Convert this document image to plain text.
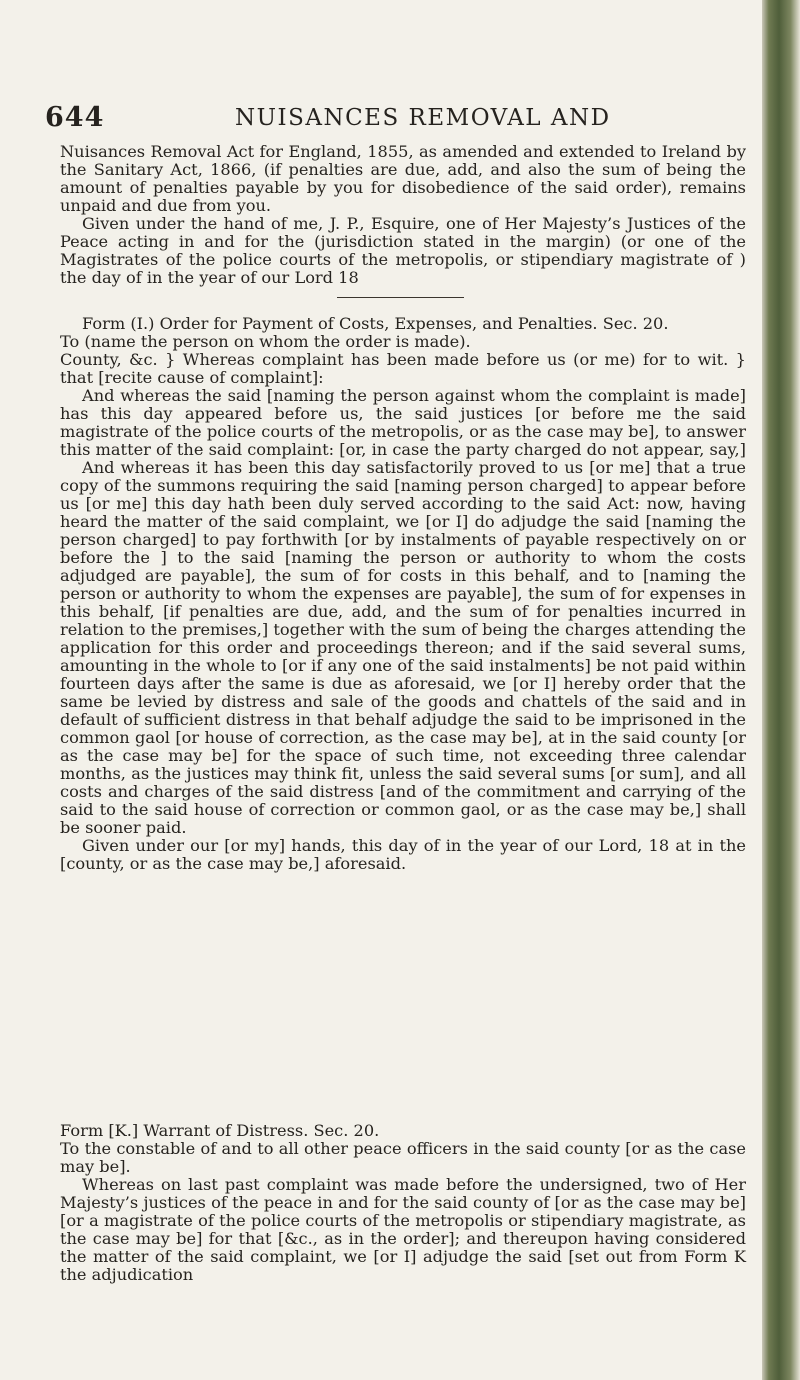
644	NUISANCES REMOVAL AND

Nuisances Removal Act for England, 1855, as amended and extended to Ireland by the Sanitary Act, 1866, (if penalties are due, add, and also the sum of being the amount of penalties payable by you for disobedience of the said order), remains unpaid and due from you.

Given under the hand of me, J. P., Esquire, one of Her Majesty’s Justices of the Peace acting in and for the (jurisdiction stated in the margin) (or one of the Magistrates of the police courts of the metropolis, or stipendiary magistrate of ) the day of in the year of our Lord 18

Form (I.) Order for Payment of Costs, Expenses, and Penalties. Sec. 20.

To (name the person on whom the order is made).

County, &c. } Whereas complaint has been made before us (or me) for to wit. } that [recite cause of complaint]:

And whereas the said [naming the person against whom the complaint is made] has this day appeared before us, the said justices [or before me the said magistrate of the police courts of the metropolis, or as the case may be], to answer this matter of the said complaint: [or, in case the party charged do not appear, say,]

And whereas it has been this day satisfactorily proved to us [or me] that a true copy of the summons requiring the said [naming person charged] to appear before us [or me] this day hath been duly served according to the said Act: now, having heard the matter of the said complaint, we [or I] do adjudge the said [naming the person charged] to pay forthwith [or by instalments of payable respectively on or before the ] to the said [naming the person or authority to whom the costs adjudged are payable], the sum of for costs in this behalf, and to [naming the person or authority to whom the expenses are payable], the sum of for expenses in this behalf, [if penalties are due, add, and the sum of for penalties incurred in relation to the premises,] together with the sum of being the charges attending the application for this order and proceedings thereon; and if the said several sums, amounting in the whole to [or if any one of the said instalments] be not paid within fourteen days after the same is due as aforesaid, we [or I] hereby order that the same be levied by distress and sale of the goods and chattels of the said and in default of sufficient distress in that behalf adjudge the said to be imprisoned in the common gaol [or house of correction, as the case may be], at in the said county [or as the case may be] for the space of such time, not exceeding three calendar months, as the justices may think fit, unless the said several sums [or sum], and all costs and charges of the said distress [and of the commitment and carrying of the said to the said house of correction or common gaol, or as the case may be,] shall be sooner paid.

Given under our [or my] hands, this day of in the year of our Lord, 18 at in the [county, or as the case may be,] aforesaid.

Form [K.] Warrant of Distress. Sec. 20.

To the constable of and to all other peace officers in the said county [or as the case may be].

Whereas on last past complaint was made before the undersigned, two of Her Majesty’s justices of the peace in and for the said county of [or as the case may be] [or a magistrate of the police courts of the metropolis or stipendiary magistrate, as the case may be] for that [&c., as in the order]; and thereupon having considered the matter of the said complaint, we [or I] adjudge the said [set out from Form K the adjudication
